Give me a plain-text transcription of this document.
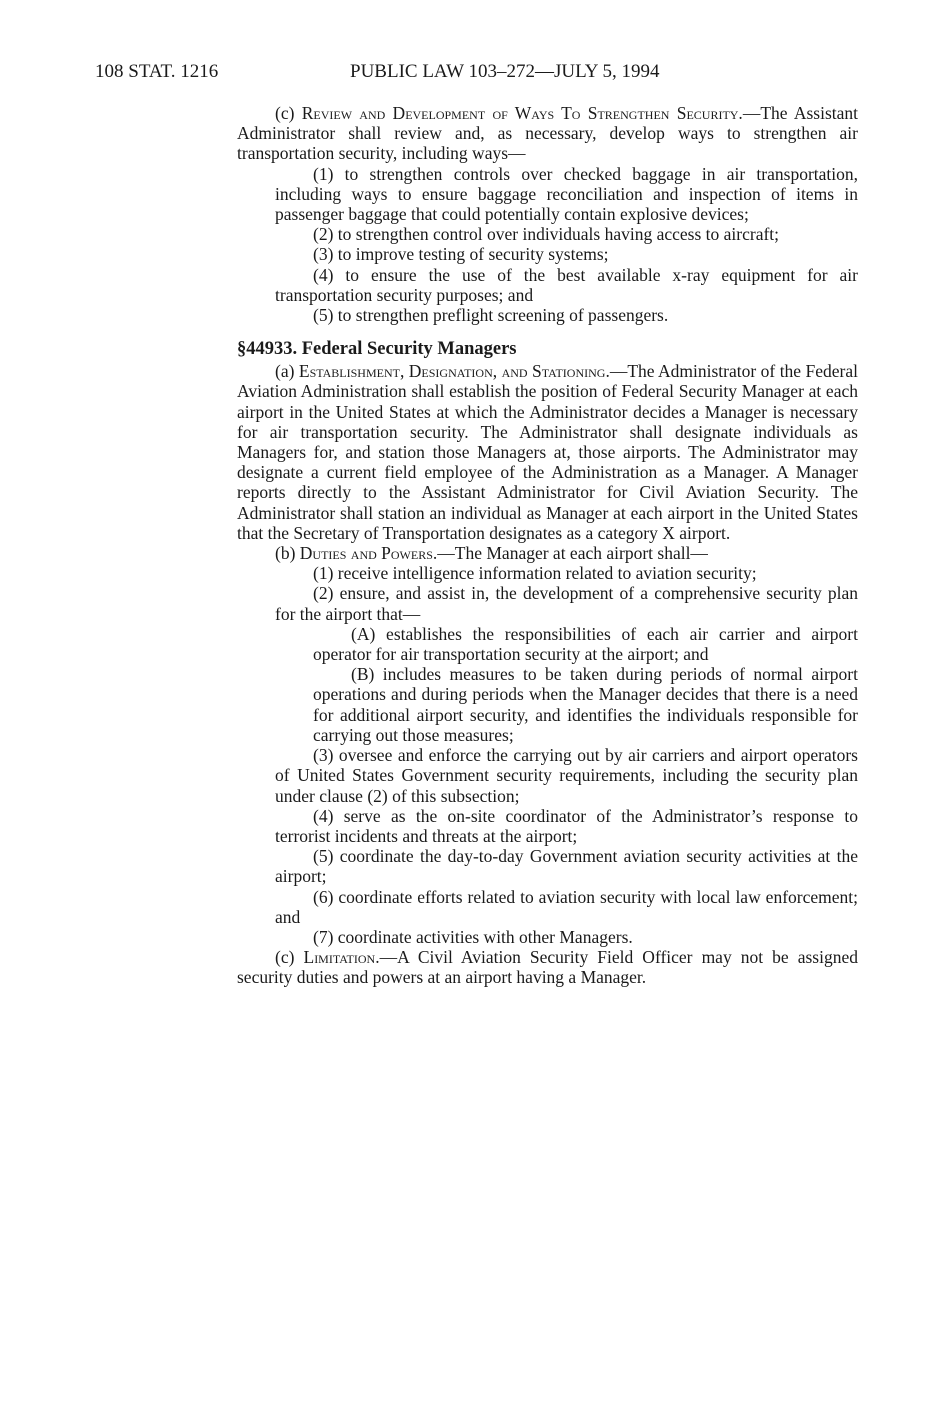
108 STAT. 1216	PUBLIC LAW 103–272—JULY 5, 1994

(c) Review and Development of Ways To Strengthen Security.—The Assistant Administrator shall review and, as necessary, develop ways to strengthen air transportation security, including ways—

(1) to strengthen controls over checked baggage in air transportation, including ways to ensure baggage reconciliation and inspection of items in passenger baggage that could potentially contain explosive devices;

(2) to strengthen control over individuals having access to aircraft;

(3) to improve testing of security systems;

(4) to ensure the use of the best available x-ray equipment for air transportation security purposes; and

(5) to strengthen preflight screening of passengers.

§44933. Federal Security Managers

(a) Establishment, Designation, and Stationing.—The Administrator of the Federal Aviation Administration shall establish the position of Federal Security Manager at each airport in the United States at which the Administrator decides a Manager is necessary for air transportation security. The Administrator shall designate individuals as Managers for, and station those Managers at, those airports. The Administrator may designate a current field employee of the Administration as a Manager. A Manager reports directly to the Assistant Administrator for Civil Aviation Security. The Administrator shall station an individual as Manager at each airport in the United States that the Secretary of Transportation designates as a category X airport.

(b) Duties and Powers.—The Manager at each airport shall—

(1) receive intelligence information related to aviation security;

(2) ensure, and assist in, the development of a comprehensive security plan for the airport that—

(A) establishes the responsibilities of each air carrier and airport operator for air transportation security at the airport; and

(B) includes measures to be taken during periods of normal airport operations and during periods when the Manager decides that there is a need for additional airport security, and identifies the individuals responsible for carrying out those measures;

(3) oversee and enforce the carrying out by air carriers and airport operators of United States Government security requirements, including the security plan under clause (2) of this subsection;

(4) serve as the on-site coordinator of the Administrator’s response to terrorist incidents and threats at the airport;

(5) coordinate the day-to-day Government aviation security activities at the airport;

(6) coordinate efforts related to aviation security with local law enforcement; and

(7) coordinate activities with other Managers.

(c) Limitation.—A Civil Aviation Security Field Officer may not be assigned security duties and powers at an airport having a Manager.
